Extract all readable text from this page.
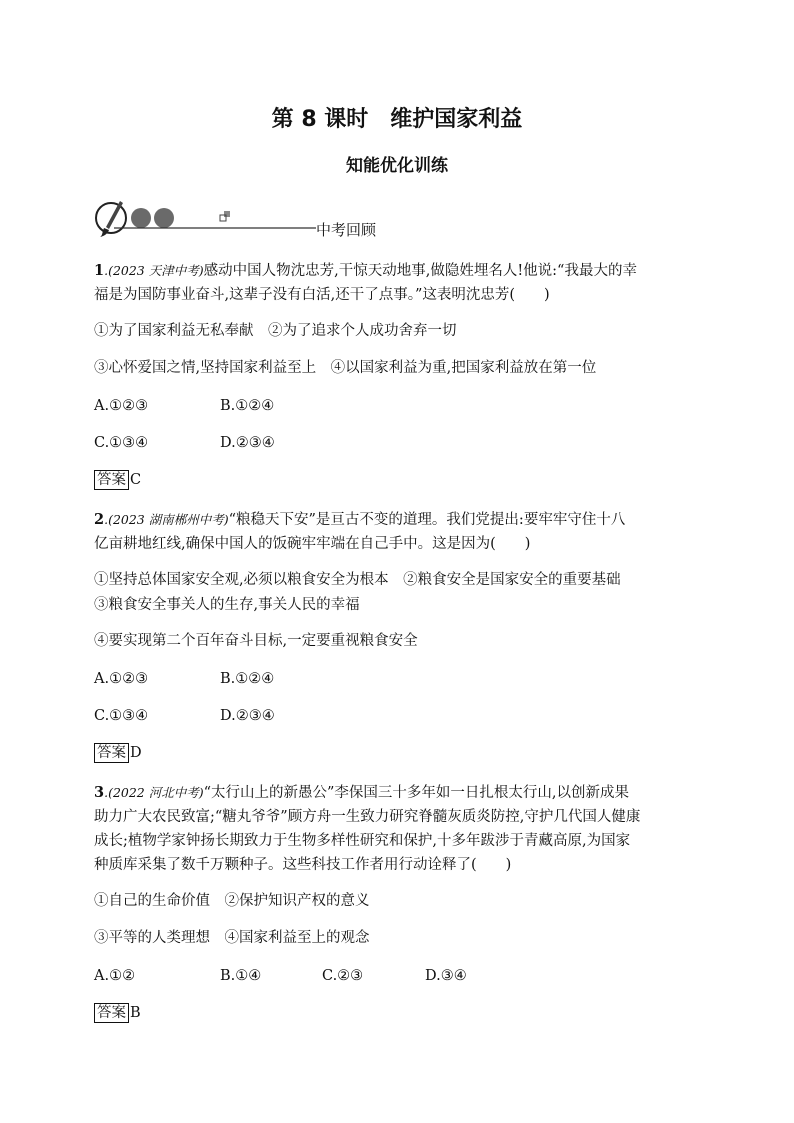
第 8 课时　维护国家利益
知能优化训练
中考回顾
1.(2023 天津中考)感动中国人物沈忠芳,干惊天动地事,做隐姓埋名人!他说:“我最大的幸
福是为国防事业奋斗,这辈子没有白活,还干了点事。”这表明沈忠芳(　　)
①为了国家利益无私奉献　②为了追求个人成功舍弃一切
③心怀爱国之情,坚持国家利益至上　④以国家利益为重,把国家利益放在第一位
A.①②③	B.①②④
C.①③④	D.②③④
答案 C
2.(2023 湖南郴州中考)“粮稳天下安”是亘古不变的道理。我们党提出:要牢牢守住十八
亿亩耕地红线,确保中国人的饭碗牢牢端在自己手中。这是因为(　　)
①坚持总体国家安全观,必须以粮食安全为根本　②粮食安全是国家安全的重要基础
③粮食安全事关人的生存,事关人民的幸福
④要实现第二个百年奋斗目标,一定要重视粮食安全
A.①②③	B.①②④
C.①③④	D.②③④
答案 D
3.(2022 河北中考)“太行山上的新愚公”李保国三十多年如一日扎根太行山,以创新成果
助力广大农民致富;“糖丸爷爷”顾方舟一生致力研究脊髓灰质炎防控,守护几代国人健康
成长;植物学家钟扬长期致力于生物多样性研究和保护,十多年跋涉于青藏高原,为国家
种质库采集了数千万颗种子。这些科技工作者用行动诠释了(　　)
①自己的生命价值　②保护知识产权的意义
③平等的人类理想　④国家利益至上的观念
A.①②	B.①④	C.②③	D.③④
答案 B
